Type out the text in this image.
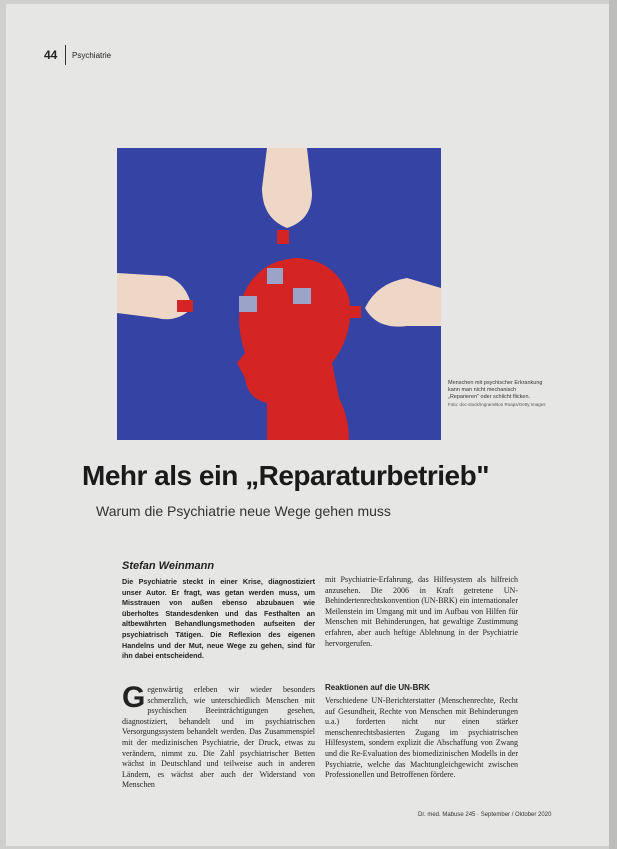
44 Psychiatrie
Menschen mit psychischer Erkrankung kann man nicht mechanisch „Reparieren" oder schlicht flicken.
Foto: doc-stock/Ingram/Bon Roaps/Getty Images
Mehr als ein „Reparaturbetrieb"
Warum die Psychiatrie neue Wege gehen muss
Stefan Weinmann
Die Psychiatrie steckt in einer Krise, diagnostiziert unser Autor. Er fragt, was getan werden muss, um Misstrauen von außen ebenso abzubauen wie überholtes Standesdenken und das Festhalten an altbewährten Behandlungsmethoden aufseiten der psychiatrisch Tätigen. Die Reflexion des eigenen Handelns und der Mut, neue Wege zu gehen, sind für ihn dabei entscheidend.
Gegenwärtig erleben wir wieder besonders schmerzlich, wie unterschiedlich Menschen mit psychischen Beeinträchtigungen gesehen, diagnostiziert, behandelt und im psychiatrischen Versorgungssystem behandelt werden. Das Zusammenspiel mit der medizinischen Psychiatrie, der Druck, etwas zu verändern, nimmt zu. Die Zahl psychiatrischer Betten wächst in Deutschland und teilweise auch in anderen Ländern, es wächst aber auch der Widerstand von Menschen
mit Psychiatrie-Erfahrung, das Hilfesystem als hilfreich anzusehen. Die 2006 in Kraft getretene UN-Behindertenrechtskonvention (UN-BRK) ein internationaler Meilenstein im Umgang mit und im Aufbau von Hilfen für Menschen mit Behinderungen, hat gewaltige Zustimmung erfahren, aber auch heftige Ablehnung in der Psychiatrie hervorgerufen.
Reaktionen auf die UN-BRK
Verschiedene UN-Berichterstatter (Menschenrechte, Recht auf Gesundheit, Rechte von Menschen mit Behinderungen u.a.) forderten nicht nur einen stärker menschenrechtsbasierten Zugang im psychiatrischen Hilfesystem, sondern explizit die Abschaffung von Zwang und die Re-Evaluation des biomedizinischen Modells in der Psychiatrie, welche das Machtungleichgewicht zwischen Professionellen und Betroffenen fördere.
Dr. med. Mabuse 245 · September / Oktober 2020
